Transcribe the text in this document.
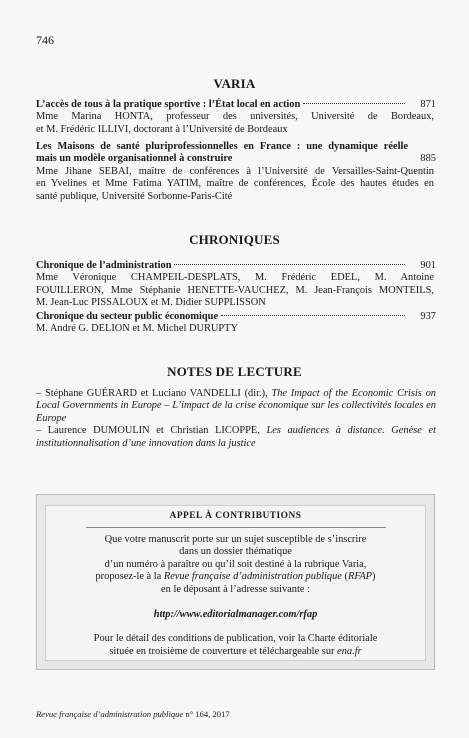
746
VARIA
L’accès de tous à la pratique sportive : l’État local en action	871
Mme Marina HONTA, professeur des universités, Université de Bordeaux,
et M. Frédéric ILLIVI, doctorant à l’Université de Bordeaux
Les Maisons de santé pluriprofessionnelles en France : une dynamique réelle
mais un modèle organisationnel à construire	885
Mme Jihane SEBAI, maître de conférences à l’Université de Versailles-Saint-Quentin
en Yvelines et Mme Fatima YATIM, maître de conférences, École des hautes études en
santé publique, Université Sorbonne-Paris-Cité
CHRONIQUES
Chronique de l’administration	901
Mme Véronique CHAMPEIL-DESPLATS, M. Frédéric EDEL, M. Antoine
FOUILLERON, Mme Stéphanie HENETTE-VAUCHEZ, M. Jean-François MONTEILS,
M. Jean-Luc PISSALOUX et M. Didier SUPPLISSON
Chronique du secteur public économique	937
M. André G. DELION et M. Michel DURUPTY
NOTES DE LECTURE
– Stéphane GUÉRARD et Luciano VANDELLI (dir.), The Impact of the Economic Crisis on Local Governments in Europe – L’impact de la crise économique sur les collectivités locales en Europe
– Laurence DUMOULIN et Christian LICOPPE, Les audiences à distance. Genèse et institutionnalisation d’une innovation dans la justice
APPEL À CONTRIBUTIONS
Que votre manuscrit porte sur un sujet susceptible de s’inscrire
dans un dossier thématique
d’un numéro à paraître ou qu’il soit destiné à la rubrique Varia,
proposez-le à la Revue française d’administration publique (RFAP)
en le déposant à l’adresse suivante :
http://www.editorialmanager.com/rfap
Pour le détail des conditions de publication, voir la Charte éditoriale
située en troisième de couverture et téléchargeable sur ena.fr
Revue française d’administration publique n° 164, 2017
